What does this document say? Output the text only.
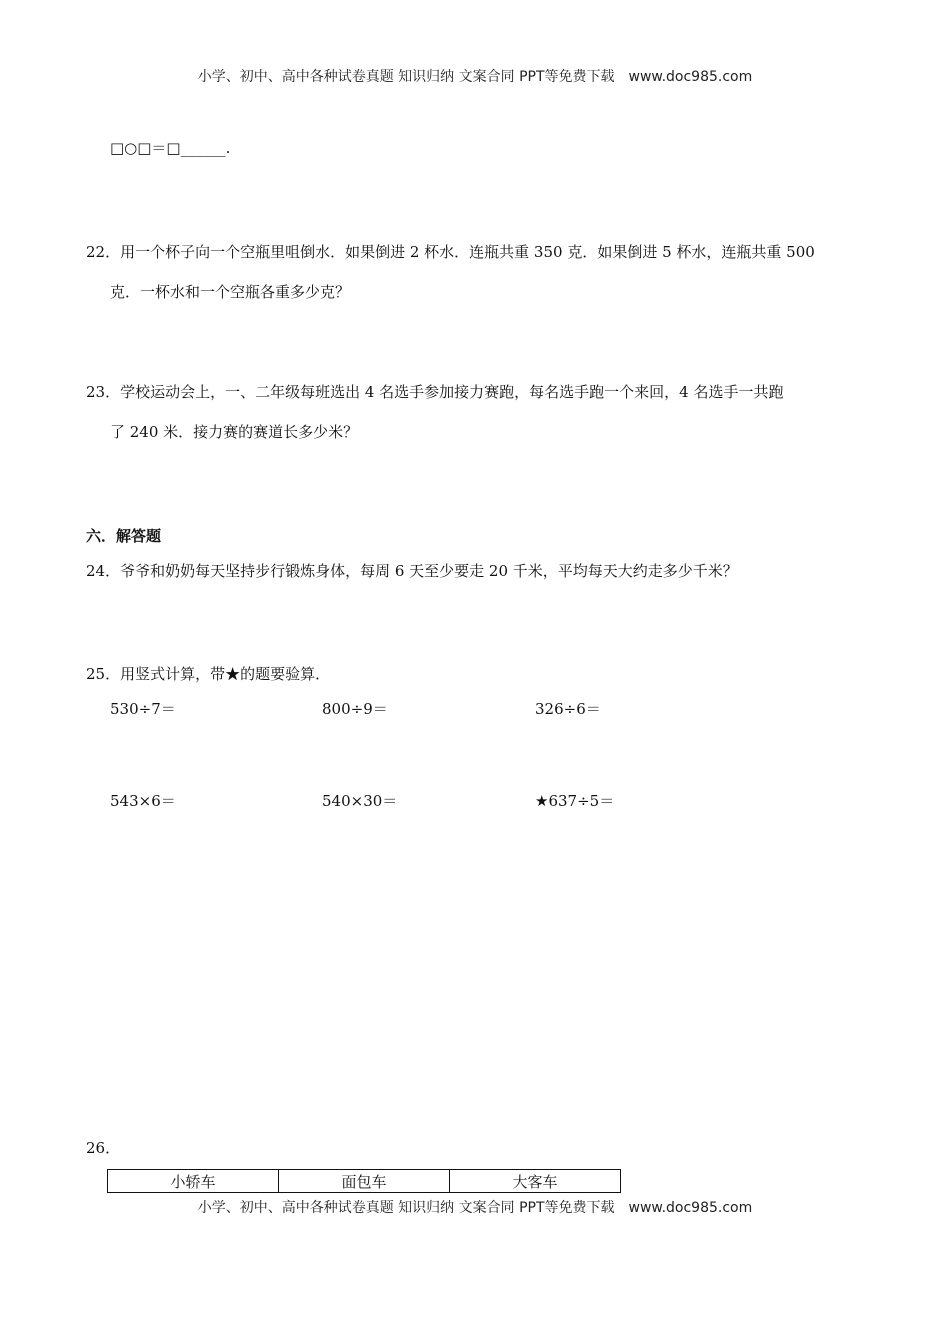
小学、初中、高中各种试卷真题 知识归纳 文案合同 PPT等免费下载 www.doc985.com
□○□＝□______.
22．用一个杯子向一个空瓶里咀倒水．如果倒进 2 杯水．连瓶共重 350 克．如果倒进 5 杯水，连瓶共重 500
克．一杯水和一个空瓶各重多少克？
23．学校运动会上，一、二年级每班选出 4 名选手参加接力赛跑，每名选手跑一个来回，4 名选手一共跑
了 240 米．接力赛的赛道长多少米？
六．解答题
24．爷爷和奶奶每天坚持步行锻炼身体，每周 6 天至少要走 20 千米，平均每天大约走多少千米？
25．用竖式计算，带★的题要验算．
530÷7＝	800÷9＝	326÷6＝
543×6＝	540×30＝	★637÷5＝
26．
小轿车	面包车	大客车
小学、初中、高中各种试卷真题 知识归纳 文案合同 PPT等免费下载 www.doc985.com
